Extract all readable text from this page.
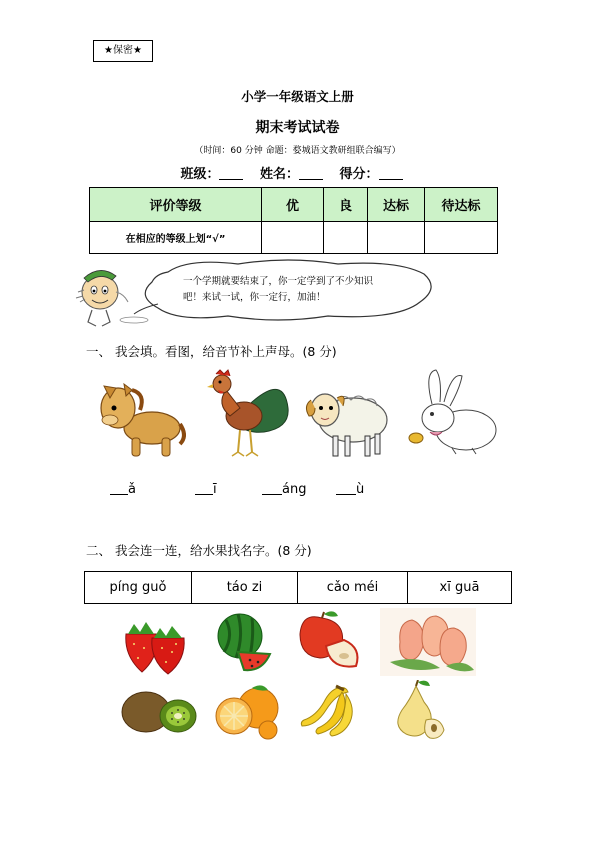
★保密★
小学一年级语文上册
期末考试试卷
（时间：60 分钟 命题：婺城语文教研组联合编写）
班级：	姓名：	得分：
评价等级	优	良	达标	待达标
在相应的等级上划“√”				
一个学期就要结束了，你一定学到了不少知识
吧！来试一试，你一定行，加油！
一、 我会填。看图，给音节补上声母。(8 分)
ǎ	ī	áng	ù
二、 我会连一连，给水果找名字。(8 分)
píng guǒ	táo zi	cǎo méi	xī guā
